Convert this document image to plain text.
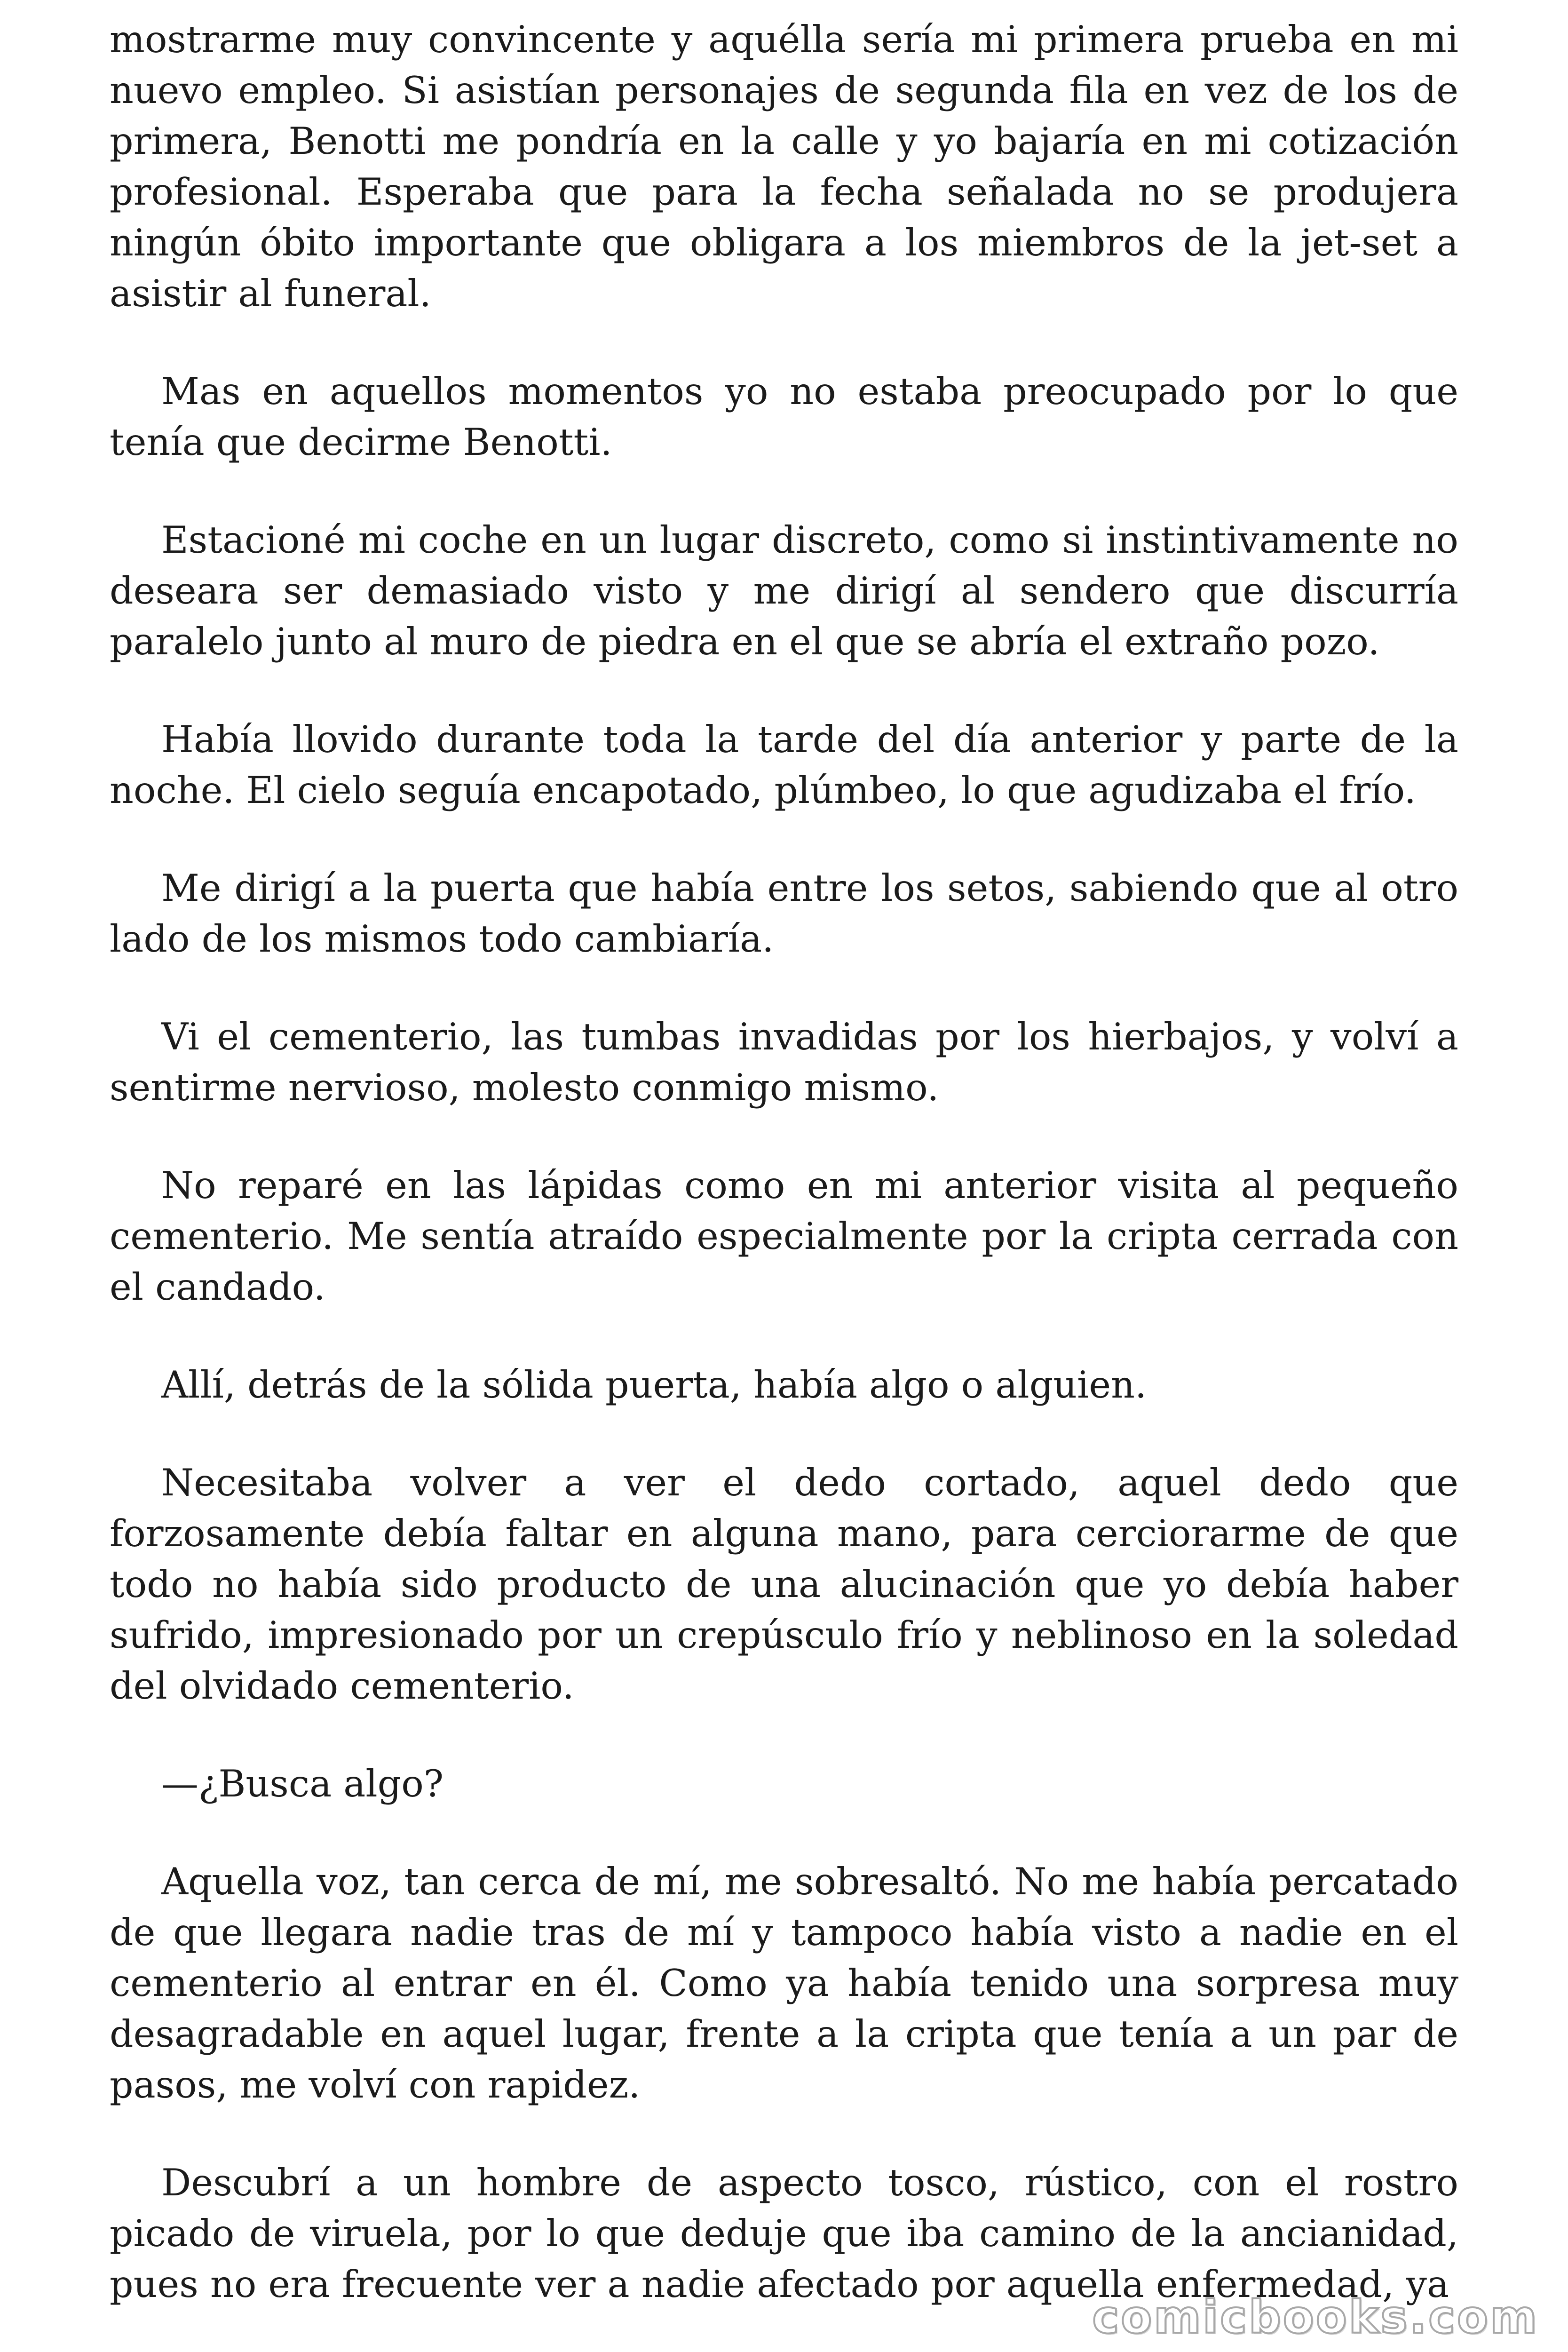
mostrarme muy convincente y aquélla sería mi primera prueba en mi nuevo empleo. Si asistían personajes de segunda fila en vez de los de primera, Benotti me pondría en la calle y yo bajaría en mi cotización profesional. Esperaba que para la fecha señalada no se produjera ningún óbito importante que obligara a los miembros de la jet-set a asistir al funeral.

Mas en aquellos momentos yo no estaba preocupado por lo que tenía que decirme Benotti.

Estacioné mi coche en un lugar discreto, como si instintivamente no deseara ser demasiado visto y me dirigí al sendero que discurría paralelo junto al muro de piedra en el que se abría el extraño pozo.

Había llovido durante toda la tarde del día anterior y parte de la noche. El cielo seguía encapotado, plúmbeo, lo que agudizaba el frío.

Me dirigí a la puerta que había entre los setos, sabiendo que al otro lado de los mismos todo cambiaría.

Vi el cementerio, las tumbas invadidas por los hierbajos, y volví a sentirme nervioso, molesto conmigo mismo.

No reparé en las lápidas como en mi anterior visita al pequeño cementerio. Me sentía atraído especialmente por la cripta cerrada con el candado.

Allí, detrás de la sólida puerta, había algo o alguien.

Necesitaba volver a ver el dedo cortado, aquel dedo que forzosamente debía faltar en alguna mano, para cerciorarme de que todo no había sido producto de una alucinación que yo debía haber sufrido, impresionado por un crepúsculo frío y neblinoso en la soledad del olvidado cementerio.

—¿Busca algo?

Aquella voz, tan cerca de mí, me sobresaltó. No me había percatado de que llegara nadie tras de mí y tampoco había visto a nadie en el cementerio al entrar en él. Como ya había tenido una sorpresa muy desagradable en aquel lugar, frente a la cripta que tenía a un par de pasos, me volví con rapidez.

Descubrí a un hombre de aspecto tosco, rústico, con el rostro picado de viruela, por lo que deduje que iba camino de la ancianidad, pues no era frecuente ver a nadie afectado por aquella enfermedad, ya

comicbooks.com
